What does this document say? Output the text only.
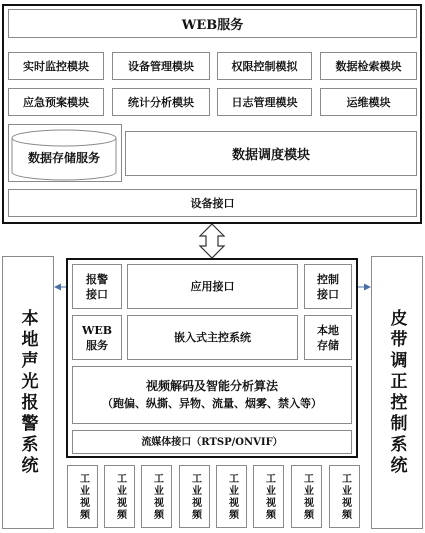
WEB服务
实时监控模块	设备管理模块	权限控制模拟	数据检索模块
应急预案模块	统计分析模块	日志管理模块	运维模块
数据存储服务	数据调度模块
设备接口
本地声光报警系统	皮带调正控制系统
报警
接口
应用接口
控制
接口
WEB
服务
嵌入式主控系统
本地
存储
视频解码及智能分析算法
（跑偏、纵撕、异物、流量、烟雾、禁入等）
流媒体接口（RTSP/ONVIF）
工业视频	工业视频	工业视频	工业视频	工业视频	工业视频	工业视频	工业视频
